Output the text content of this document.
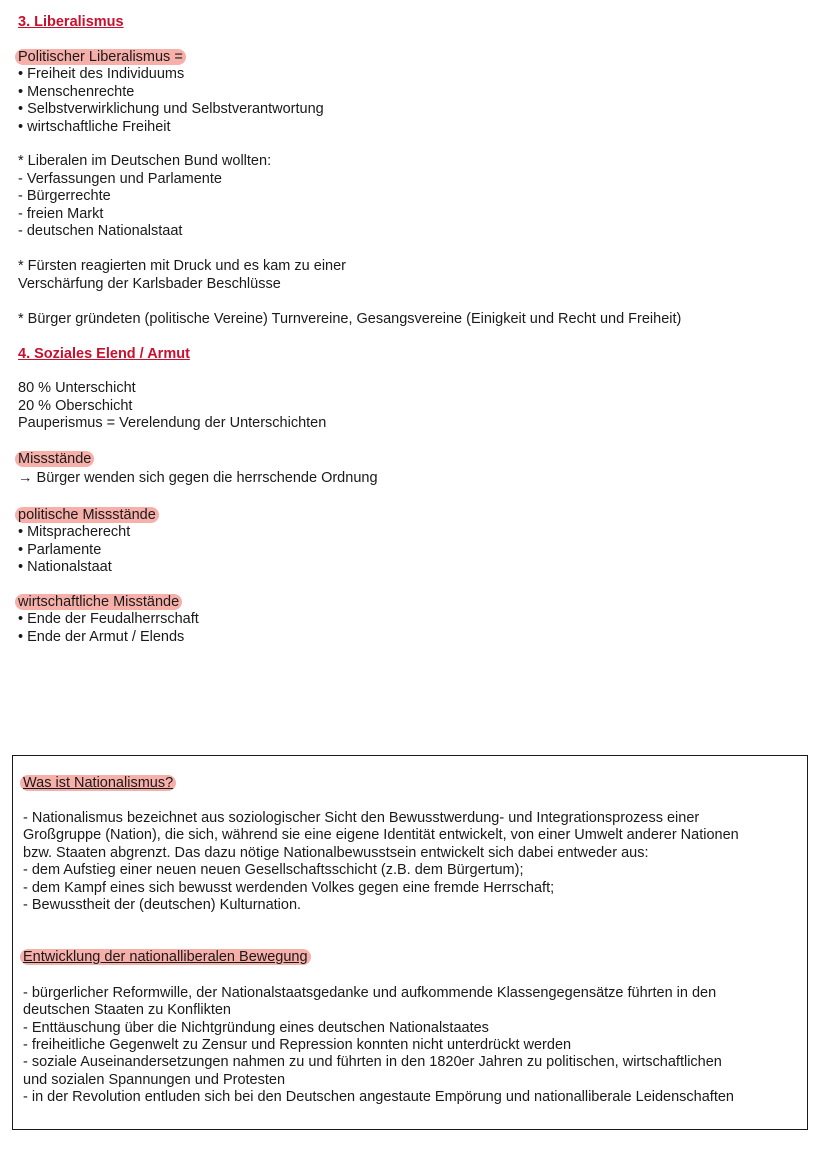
3. Liberalismus
Politischer Liberalismus =
• Freiheit des Individuums
• Menschenrechte
• Selbstverwirklichung und Selbstverantwortung
• wirtschaftliche Freiheit
* Liberalen im Deutschen Bund wollten:
- Verfassungen und Parlamente
- Bürgerrechte
- freien Markt
- deutschen Nationalstaat
* Fürsten reagierten mit Druck und es kam zu einer
Verschärfung der Karlsbader Beschlüsse
* Bürger gründeten (politische Vereine) Turnvereine, Gesangsvereine (Einigkeit und Recht und Freiheit)
4. Soziales Elend / Armut
80 % Unterschicht
20 % Oberschicht
Pauperismus = Verelendung der Unterschichten
Missstände
→ Bürger wenden sich gegen die herrschende Ordnung
politische Missstände
• Mitspracherecht
• Parlamente
• Nationalstaat
wirtschaftliche Misstände
• Ende der Feudalherrschaft
• Ende der Armut / Elends
Was ist Nationalismus?
- Nationalismus bezeichnet aus soziologischer Sicht den Bewusstwerdung- und Integrationsprozess einer
Großgruppe (Nation), die sich, während sie eine eigene Identität entwickelt, von einer Umwelt anderer Nationen
bzw. Staaten abgrenzt. Das dazu nötige Nationalbewusstsein entwickelt sich dabei entweder aus:
- dem Aufstieg einer neuen neuen Gesellschaftsschicht (z.B. dem Bürgertum);
- dem Kampf eines sich bewusst werdenden Volkes gegen eine fremde Herrschaft;
- Bewusstheit der (deutschen) Kulturnation.
Entwicklung der nationalliberalen Bewegung
- bürgerlicher Reformwille, der Nationalstaatsgedanke und aufkommende Klassengegensätze führten in den
deutschen Staaten zu Konflikten
- Enttäuschung über die Nichtgründung eines deutschen Nationalstaates
- freiheitliche Gegenwelt zu Zensur und Repression konnten nicht unterdrückt werden
- soziale Auseinandersetzungen nahmen zu und führten in den 1820er Jahren zu politischen, wirtschaftlichen
und sozialen Spannungen und Protesten
- in der Revolution entluden sich bei den Deutschen angestaute Empörung und nationalliberale Leidenschaften
